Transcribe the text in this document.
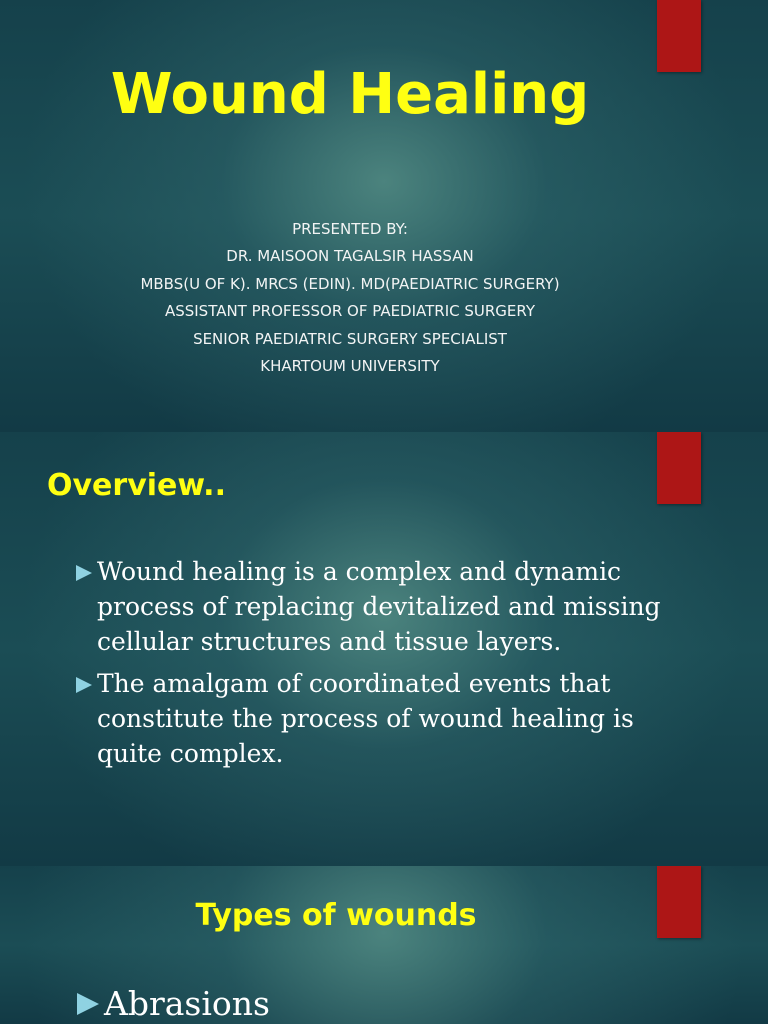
Wound Healing
PRESENTED BY:
DR. MAISOON TAGALSIR HASSAN
MBBS(U OF K). MRCS (EDIN). MD(PAEDIATRIC SURGERY)
ASSISTANT PROFESSOR OF PAEDIATRIC SURGERY
SENIOR PAEDIATRIC SURGERY SPECIALIST
KHARTOUM UNIVERSITY
Overview..
Wound healing is a complex and dynamic process of replacing devitalized and missing cellular structures and tissue layers.
The amalgam of coordinated events that constitute the process of wound healing is quite complex.
Types of wounds
Abrasions
